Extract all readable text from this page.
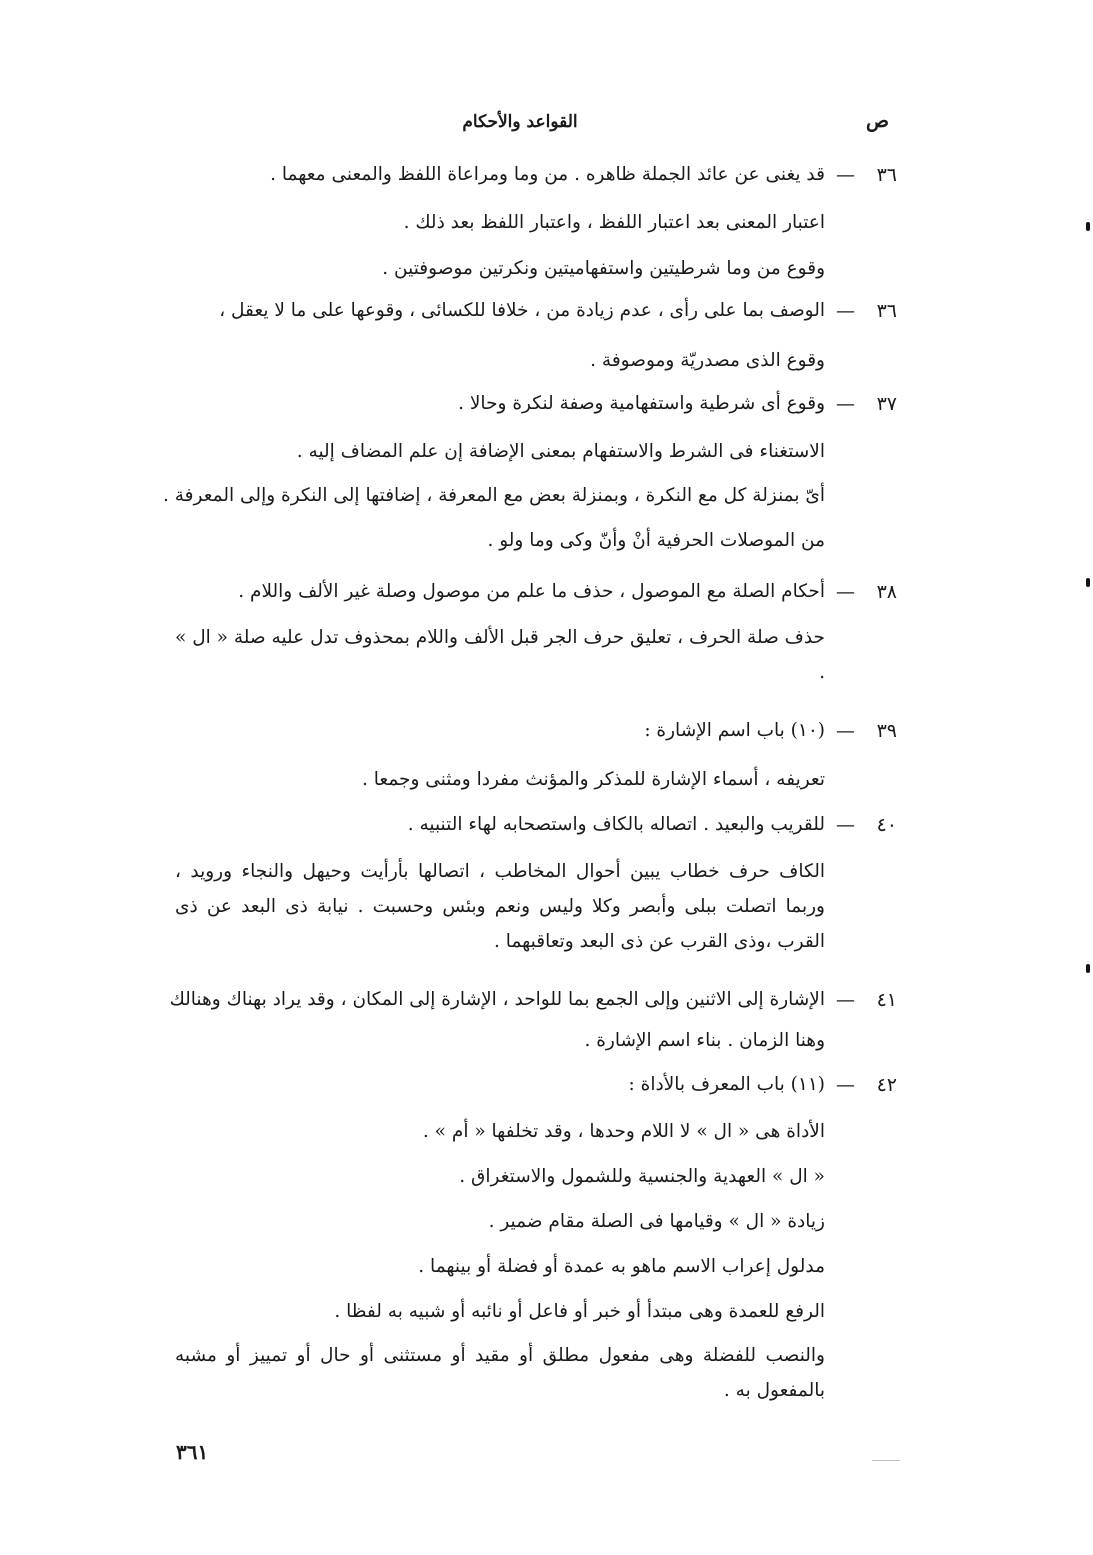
القواعد والأحكام	ص
٣٦
—
قد يغنى عن عائد الجملة ظاهره . من وما ومراعاة اللفظ والمعنى معهما .
اعتبار المعنى بعد اعتبار اللفظ ، واعتبار اللفظ بعد ذلك .
وقوع من وما شرطيتين واستفهاميتين ونكرتين موصوفتين .
٣٦
—
الوصف بما على رأى ، عدم زيادة من ، خلافا للكسائى ، وقوعها على ما لا يعقل ،
وقوع الذى مصدريّة وموصوفة .
٣٧
—
وقوع أى شرطية واستفهامية وصفة لنكرة وحالا .
الاستغناء فى الشرط والاستفهام بمعنى الإضافة إن علم المضاف إليه .
أىّ بمنزلة كل مع النكرة ، وبمنزلة بعض مع المعرفة ، إضافتها إلى النكرة وإلى المعرفة .
من الموصلات الحرفية أنْ وأنّ وكى وما ولو .
٣٨
—
أحكام الصلة مع الموصول ، حذف ما علم من موصول وصلة غير الألف واللام .
حذف صلة الحرف ، تعليق حرف الجر قبل الألف واللام بمحذوف تدل عليه صلة « ال » .
٣٩
—
(١٠) باب اسم الإشارة :
تعريفه ، أسماء الإشارة للمذكر والمؤنث مفردا ومثنى وجمعا .
٤٠
—
للقريب والبعيد . اتصاله بالكاف واستصحابه لهاء التنبيه .
الكاف حرف خطاب يبين أحوال المخاطب ، اتصالها بأرأيت وحيهل والنجاء ورويد ، وربما اتصلت ببلى وأبصر وكلا وليس ونعم وبئس وحسبت . نيابة ذى البعد عن ذى القرب ،وذى القرب عن ذى البعد وتعاقبهما .
٤١
—
الإشارة إلى الاثنين وإلى الجمع بما للواحد ، الإشارة إلى المكان ، وقد يراد بهناك وهنالك
وهنا الزمان . بناء اسم الإشارة .
٤٢
—
(١١) باب المعرف بالأداة :
الأداة هى « ال » لا اللام وحدها ، وقد تخلفها « أم » .
« ال » العهدية والجنسية وللشمول والاستغراق .
زيادة « ال » وقيامها فى الصلة مقام ضمير .
مدلول إعراب الاسم ماهو به عمدة أو فضلة أو بينهما .
الرفع للعمدة وهى مبتدأ أو خبر أو فاعل أو نائبه أو شبيه به لفظا .
والنصب للفضلة وهى مفعول مطلق أو مقيد أو مستثنى أو حال أو تمييز أو مشبه بالمفعول به .
٣٦١
